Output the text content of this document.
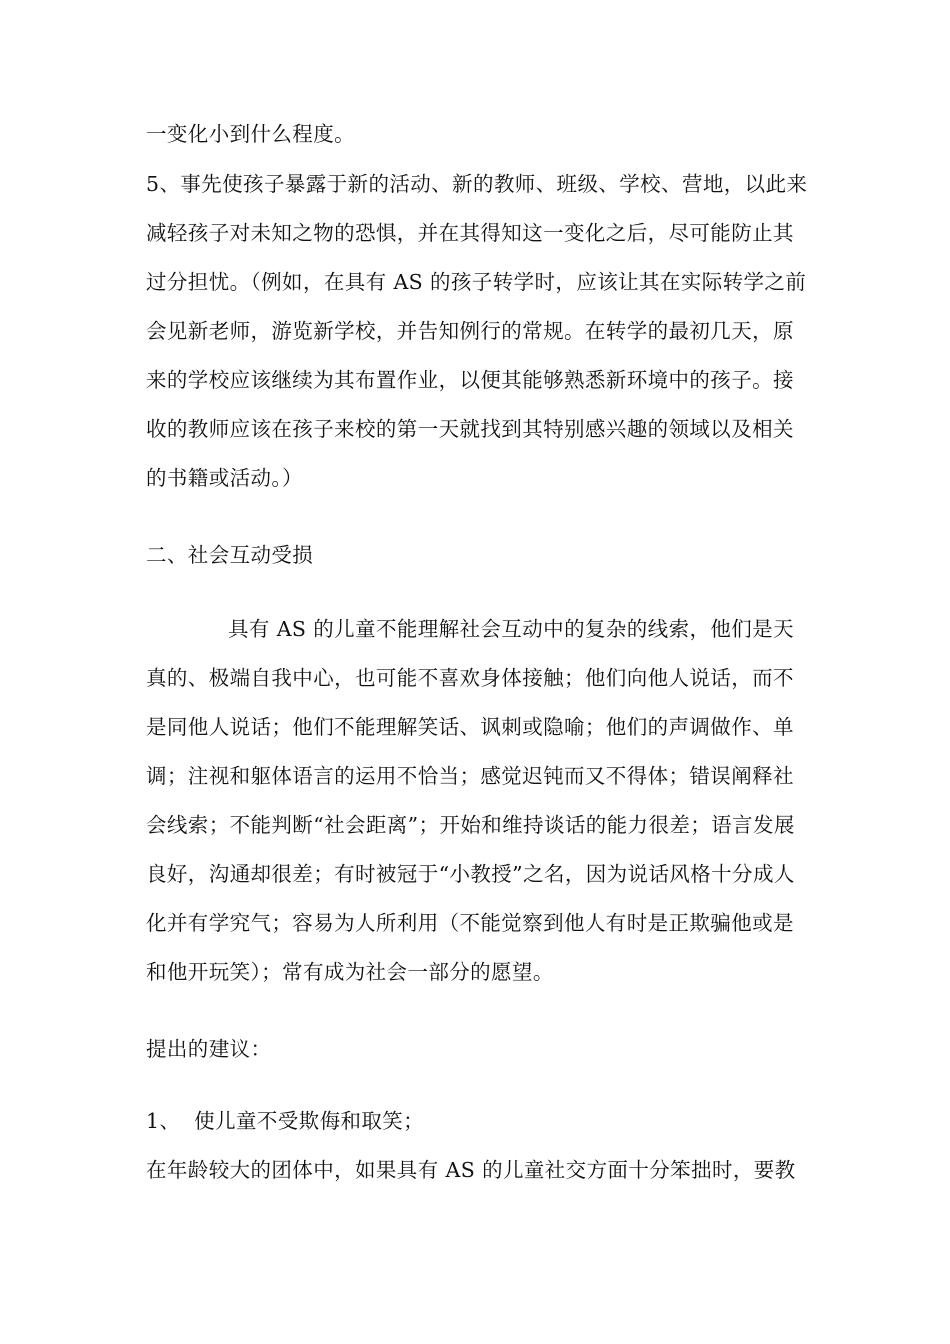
一变化小到什么程度。

5、事先使孩子暴露于新的活动、新的教师、班级、学校、营地，以此来减轻孩子对未知之物的恐惧，并在其得知这一变化之后，尽可能防止其过分担忧。（例如，在具有 AS 的孩子转学时，应该让其在实际转学之前会见新老师，游览新学校，并告知例行的常规。在转学的最初几天，原来的学校应该继续为其布置作业，以便其能够熟悉新环境中的孩子。接收的教师应该在孩子来校的第一天就找到其特别感兴趣的领域以及相关的书籍或活动。）

二、社会互动受损

具有 AS 的儿童不能理解社会互动中的复杂的线索，他们是天真的、极端自我中心，也可能不喜欢身体接触；他们向他人说话，而不是同他人说话；他们不能理解笑话、讽刺或隐喻；他们的声调做作、单调；注视和躯体语言的运用不恰当；感觉迟钝而又不得体；错误阐释社会线索；不能判断“社会距离”；开始和维持谈话的能力很差；语言发展良好，沟通却很差；有时被冠于“小教授”之名，因为说话风格十分成人化并有学究气；容易为人所利用（不能觉察到他人有时是正欺骗他或是和他开玩笑）；常有成为社会一部分的愿望。

提出的建议：

1、  使儿童不受欺侮和取笑；

在年龄较大的团体中，如果具有 AS 的儿童社交方面十分笨拙时，要教
